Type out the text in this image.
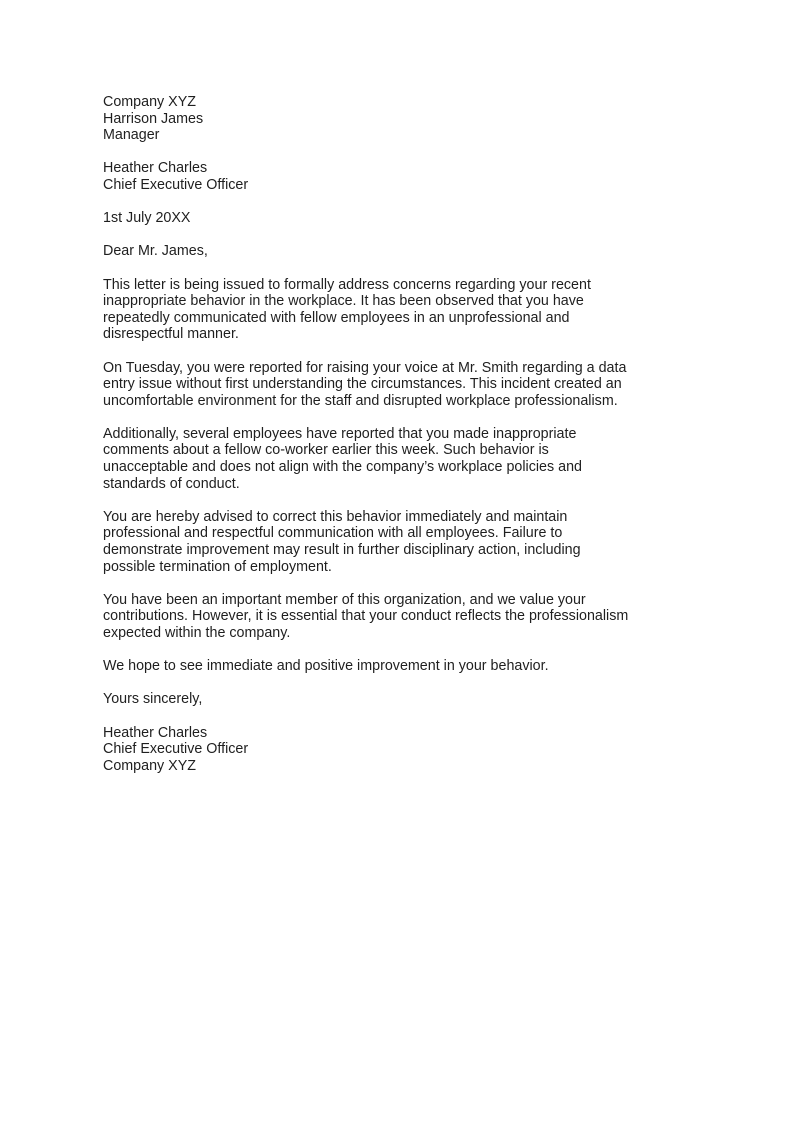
Company XYZ
Harrison James
Manager
Heather Charles
Chief Executive Officer
1st July 20XX
Dear Mr. James,
This letter is being issued to formally address concerns regarding your recent
inappropriate behavior in the workplace. It has been observed that you have
repeatedly communicated with fellow employees in an unprofessional and
disrespectful manner.
On Tuesday, you were reported for raising your voice at Mr. Smith regarding a data
entry issue without first understanding the circumstances. This incident created an
uncomfortable environment for the staff and disrupted workplace professionalism.
Additionally, several employees have reported that you made inappropriate
comments about a fellow co-worker earlier this week. Such behavior is
unacceptable and does not align with the company’s workplace policies and
standards of conduct.
You are hereby advised to correct this behavior immediately and maintain
professional and respectful communication with all employees. Failure to
demonstrate improvement may result in further disciplinary action, including
possible termination of employment.
You have been an important member of this organization, and we value your
contributions. However, it is essential that your conduct reflects the professionalism
expected within the company.
We hope to see immediate and positive improvement in your behavior.
Yours sincerely,
Heather Charles
Chief Executive Officer
Company XYZ
